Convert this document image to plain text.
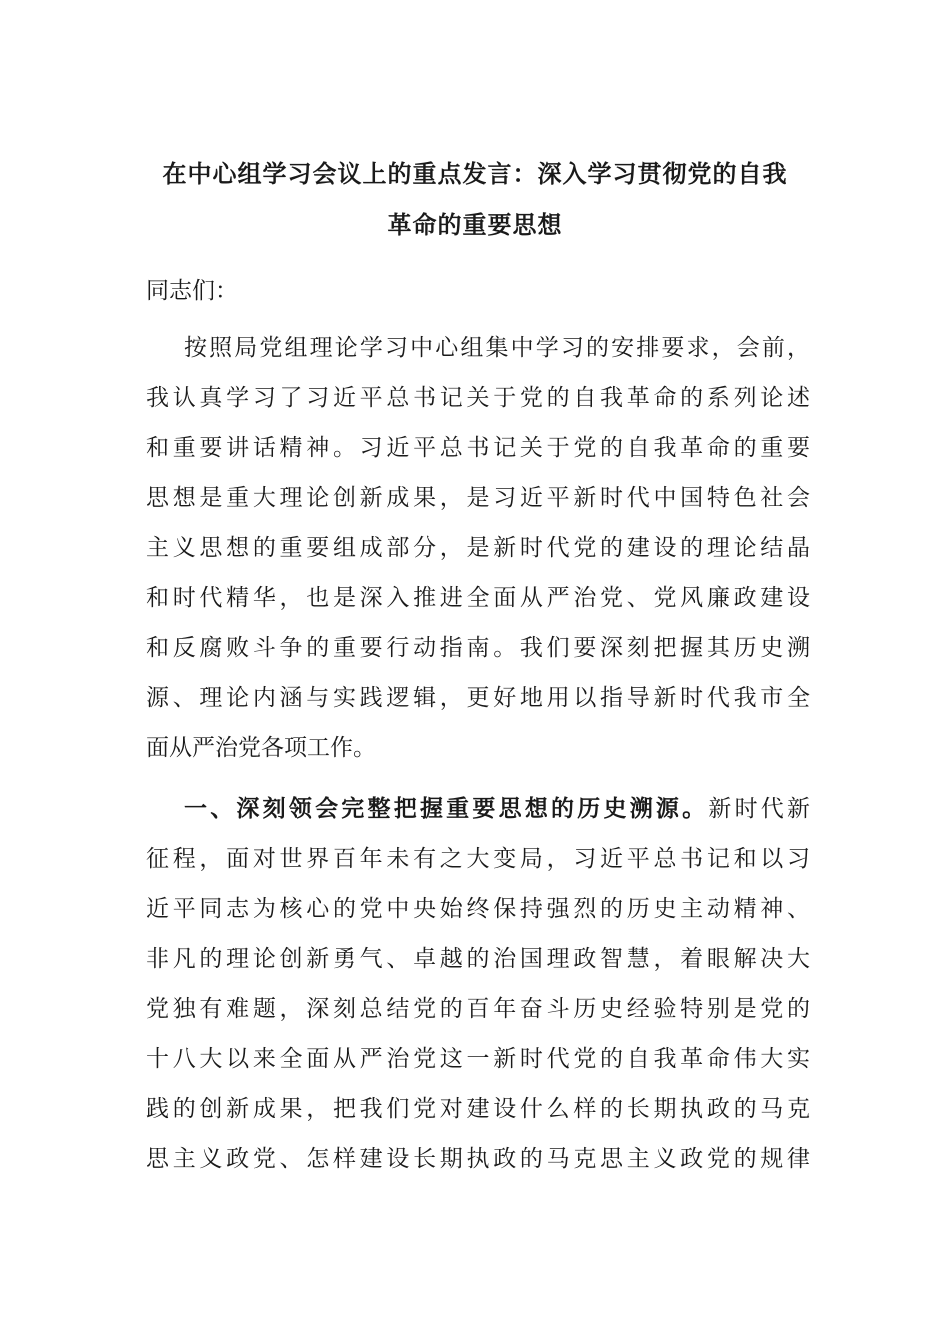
在中心组学习会议上的重点发言：深入学习贯彻党的自我
革命的重要思想
同志们：
按照局党组理论学习中心组集中学习的安排要求，会前，
我认真学习了习近平总书记关于党的自我革命的系列论述
和重要讲话精神。习近平总书记关于党的自我革命的重要
思想是重大理论创新成果，是习近平新时代中国特色社会
主义思想的重要组成部分，是新时代党的建设的理论结晶
和时代精华，也是深入推进全面从严治党、党风廉政建设
和反腐败斗争的重要行动指南。我们要深刻把握其历史溯
源、理论内涵与实践逻辑，更好地用以指导新时代我市全
面从严治党各项工作。
一、深刻领会完整把握重要思想的历史溯源。新时代新
征程，面对世界百年未有之大变局，习近平总书记和以习
近平同志为核心的党中央始终保持强烈的历史主动精神、
非凡的理论创新勇气、卓越的治国理政智慧，着眼解决大
党独有难题，深刻总结党的百年奋斗历史经验特别是党的
十八大以来全面从严治党这一新时代党的自我革命伟大实
践的创新成果，把我们党对建设什么样的长期执政的马克
思主义政党、怎样建设长期执政的马克思主义政党的规律
